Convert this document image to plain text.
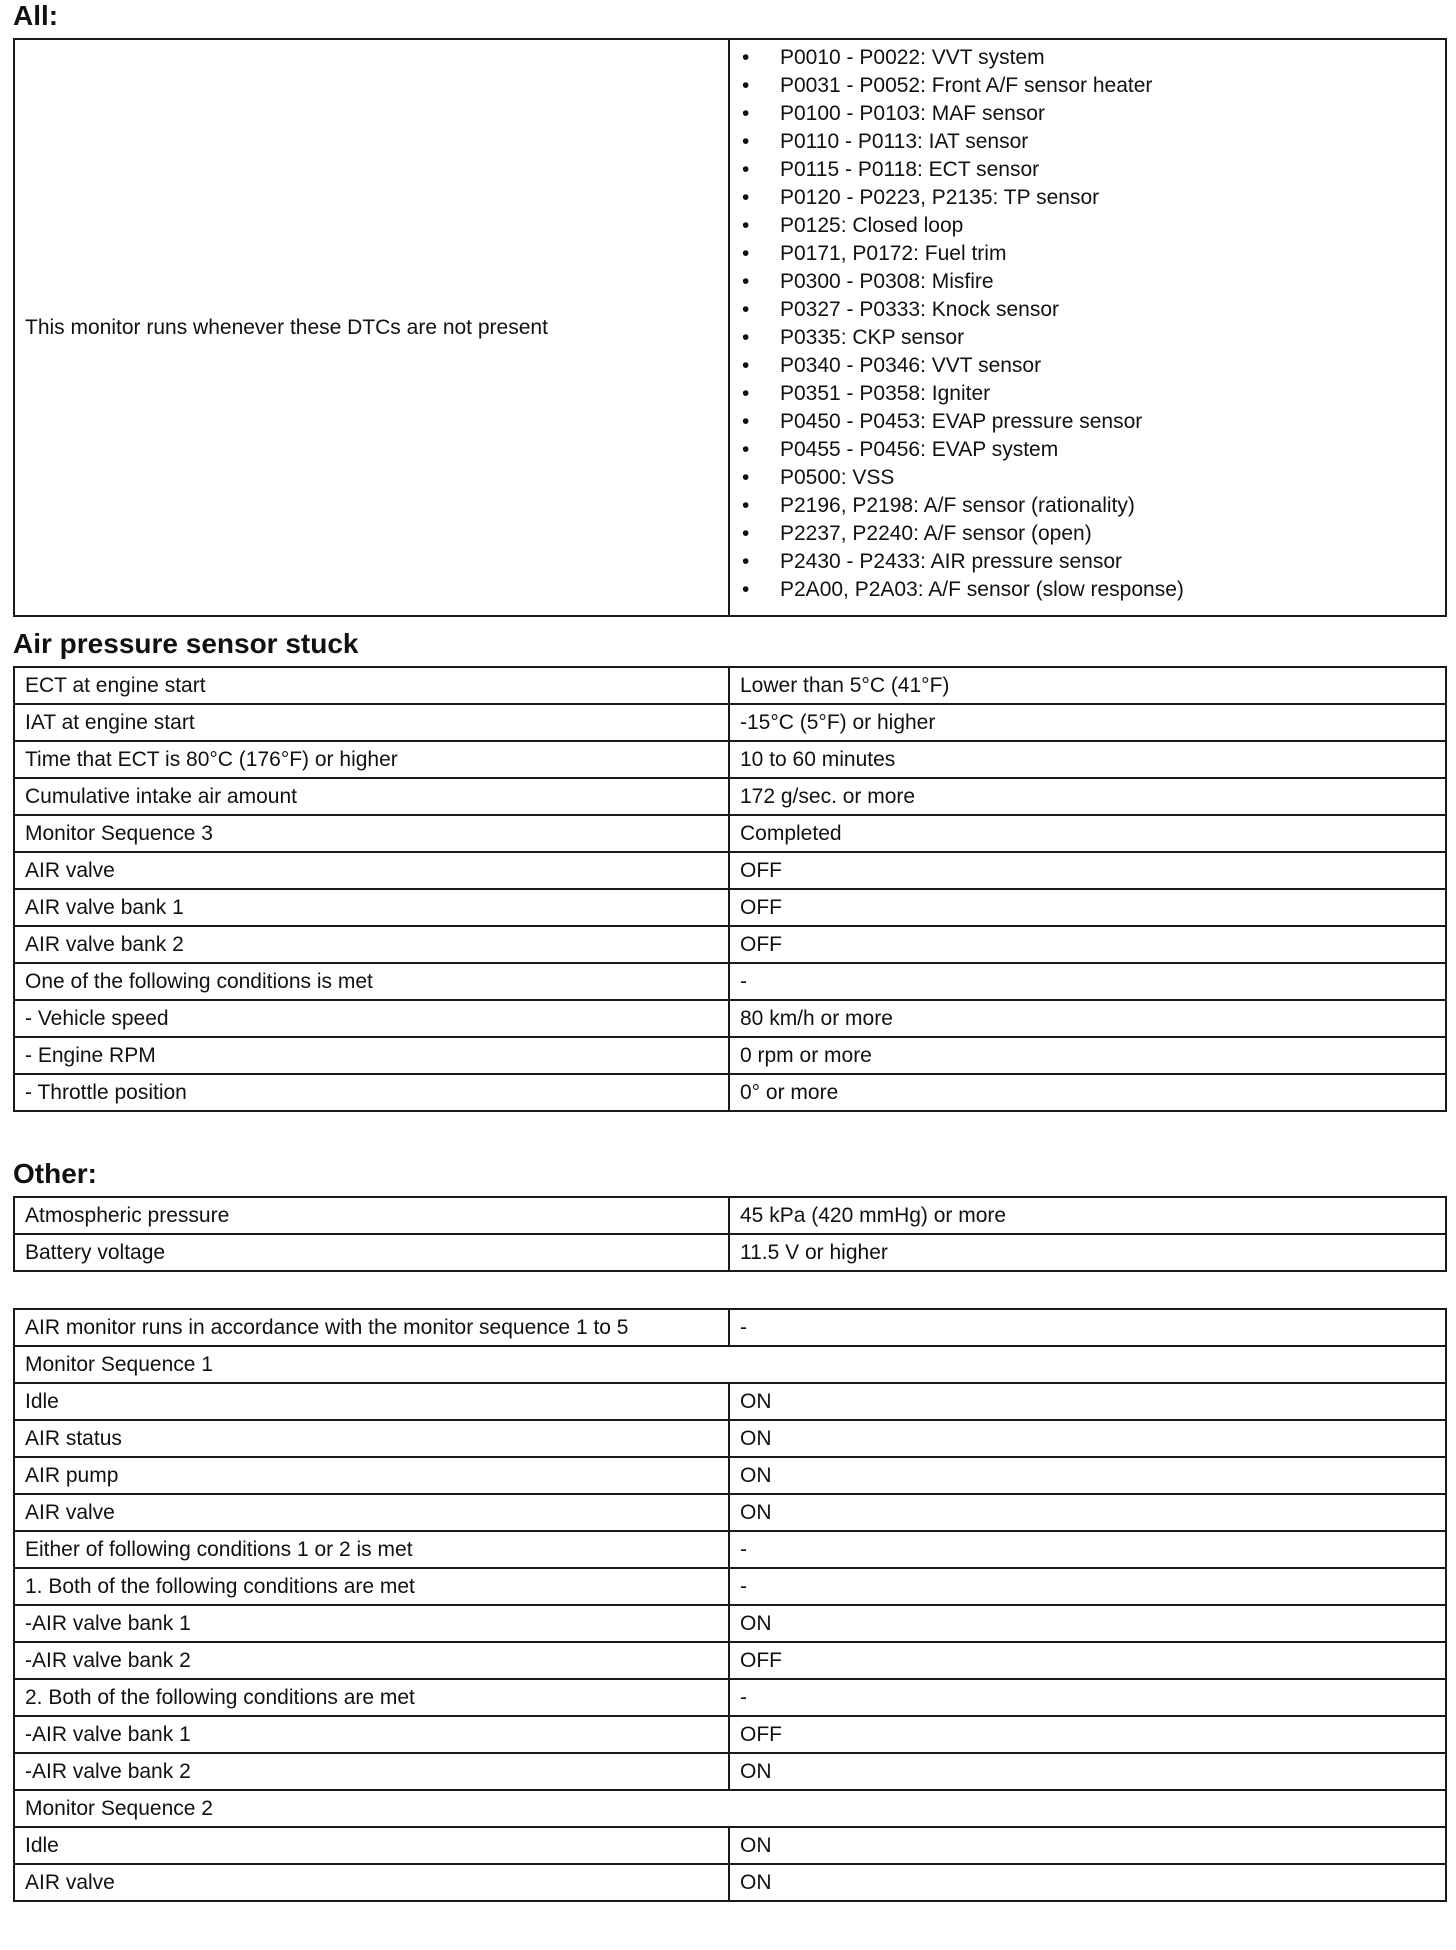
All:
This monitor runs whenever these DTCs are not present	
• P0010 - P0022: VVT system
• P0031 - P0052: Front A/F sensor heater
• P0100 - P0103: MAF sensor
• P0110 - P0113: IAT sensor
• P0115 - P0118: ECT sensor
• P0120 - P0223, P2135: TP sensor
• P0125: Closed loop
• P0171, P0172: Fuel trim
• P0300 - P0308: Misfire
• P0327 - P0333: Knock sensor
• P0335: CKP sensor
• P0340 - P0346: VVT sensor
• P0351 - P0358: Igniter
• P0450 - P0453: EVAP pressure sensor
• P0455 - P0456: EVAP system
• P0500: VSS
• P2196, P2198: A/F sensor (rationality)
• P2237, P2240: A/F sensor (open)
• P2430 - P2433: AIR pressure sensor
• P2A00, P2A03: A/F sensor (slow response)
Air pressure sensor stuck
ECT at engine start	Lower than 5°C (41°F)
IAT at engine start	-15°C (5°F) or higher
Time that ECT is 80°C (176°F) or higher	10 to 60 minutes
Cumulative intake air amount	172 g/sec. or more
Monitor Sequence 3	Completed
AIR valve	OFF
AIR valve bank 1	OFF
AIR valve bank 2	OFF
One of the following conditions is met	-
- Vehicle speed	80 km/h or more
- Engine RPM	0 rpm or more
- Throttle position	0° or more
Other:
Atmospheric pressure	45 kPa (420 mmHg) or more
Battery voltage	11.5 V or higher
AIR monitor runs in accordance with the monitor sequence 1 to 5	-
Monitor Sequence 1	
Idle	ON
AIR status	ON
AIR pump	ON
AIR valve	ON
Either of following conditions 1 or 2 is met	-
1. Both of the following conditions are met	-
-AIR valve bank 1	ON
-AIR valve bank 2	OFF
2. Both of the following conditions are met	-
-AIR valve bank 1	OFF
-AIR valve bank 2	ON
Monitor Sequence 2	
Idle	ON
AIR valve	ON
